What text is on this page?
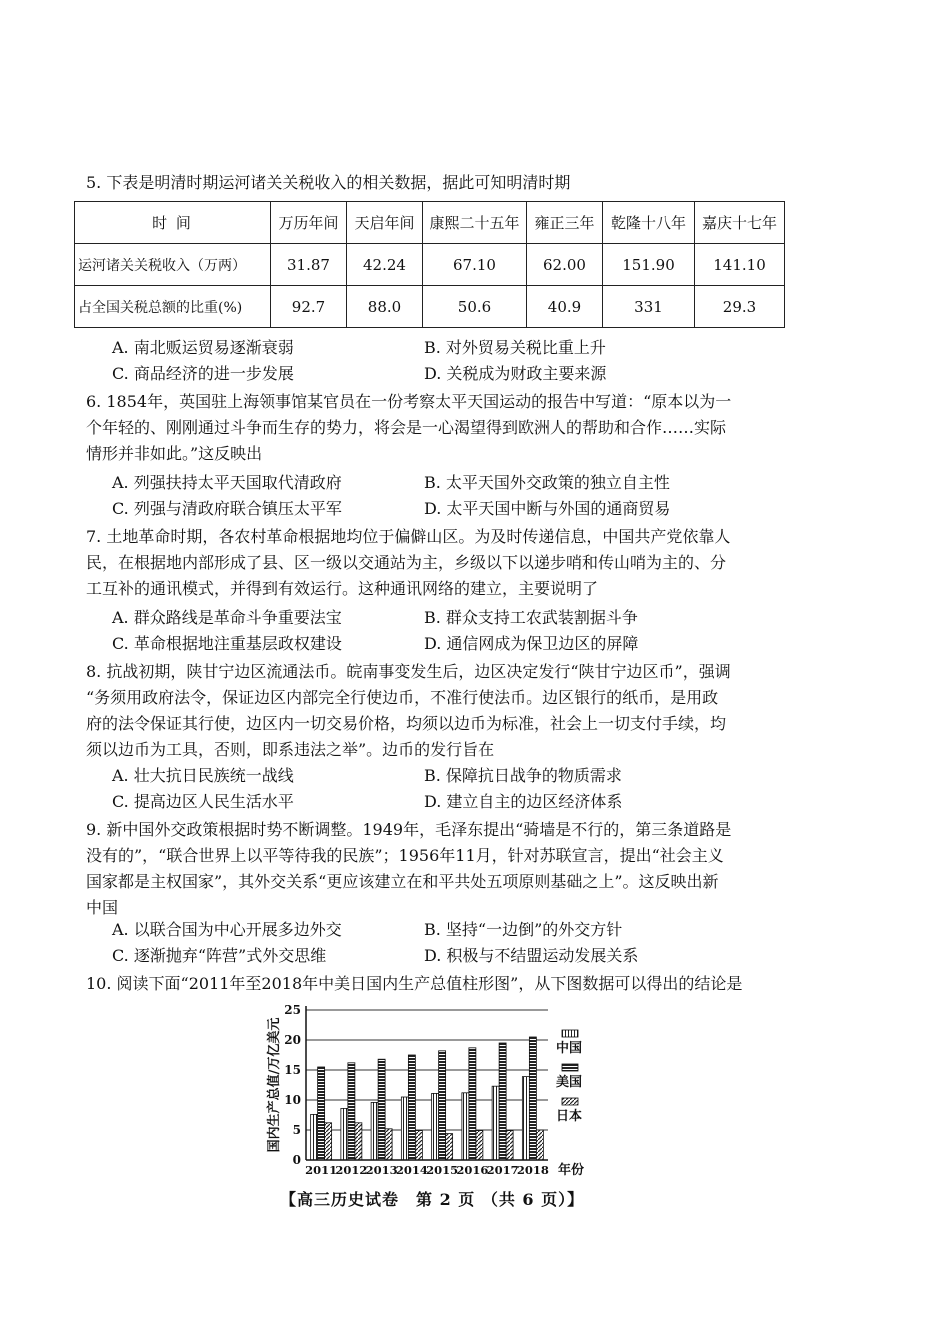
5. 下表是明清时期运河诸关关税收入的相关数据，据此可知明清时期

时 间	万历年间	天启年间	康熙二十五年	雍正三年	乾隆十八年	嘉庆十七年
运河诸关关税收入（万两）	31.87	42.24	67.10	62.00	151.90	141.10
占全国关税总额的比重(%)	92.7	88.0	50.6	40.9	331	29.3
A. 南北贩运贸易逐渐衰弱	B. 对外贸易关税比重上升
C. 商品经济的进一步发展	D. 关税成为财政主要来源

6. 1854年，英国驻上海领事馆某官员在一份考察太平天国运动的报告中写道：“原本以为一

个年轻的、刚刚通过斗争而生存的势力，将会是一心渴望得到欧洲人的帮助和合作……实际

情形并非如此。”这反映出

A. 列强扶持太平天国取代清政府	B. 太平天国外交政策的独立自主性
C. 列强与清政府联合镇压太平军	D. 太平天国中断与外国的通商贸易

7. 土地革命时期，各农村革命根据地均位于偏僻山区。为及时传递信息，中国共产党依靠人

民，在根据地内部形成了县、区一级以交通站为主，乡级以下以递步哨和传山哨为主的、分

工互补的通讯模式，并得到有效运行。这种通讯网络的建立，主要说明了

A. 群众路线是革命斗争重要法宝	B. 群众支持工农武装割据斗争
C. 革命根据地注重基层政权建设	D. 通信网成为保卫边区的屏障

8. 抗战初期，陕甘宁边区流通法币。皖南事变发生后，边区决定发行“陕甘宁边区币”，强调

“务须用政府法令，保证边区内部完全行使边币，不准行使法币。边区银行的纸币，是用政

府的法令保证其行使，边区内一切交易价格，均须以边币为标准，社会上一切支付手续，均

须以边币为工具，否则，即系违法之举”。边币的发行旨在

A. 壮大抗日民族统一战线	B. 保障抗日战争的物质需求
C. 提高边区人民生活水平	D. 建立自主的边区经济体系

9. 新中国外交政策根据时势不断调整。1949年，毛泽东提出“骑墙是不行的，第三条道路是

没有的”，“联合世界上以平等待我的民族”；1956年11月，针对苏联宣言，提出“社会主义

国家都是主权国家”，其外交关系“更应该建立在和平共处五项原则基础之上”。这反映出新

中国

A. 以联合国为中心开展多边外交	B. 坚持“一边倒”的外交方针
C. 逐渐抛弃“阵营”式外交思维	D. 积极与不结盟运动发展关系

10. 阅读下面“2011年至2018年中美日国内生产总值柱形图”，从下图数据可以得出的结论是

0
5
10
15
20
25
国内生产总值/万亿美元
2011
2012
2013
2014
2015
2016
2017
2018 年份
中国
美国
日本
【高三历史试卷　第 2 页 （共 6 页）】
